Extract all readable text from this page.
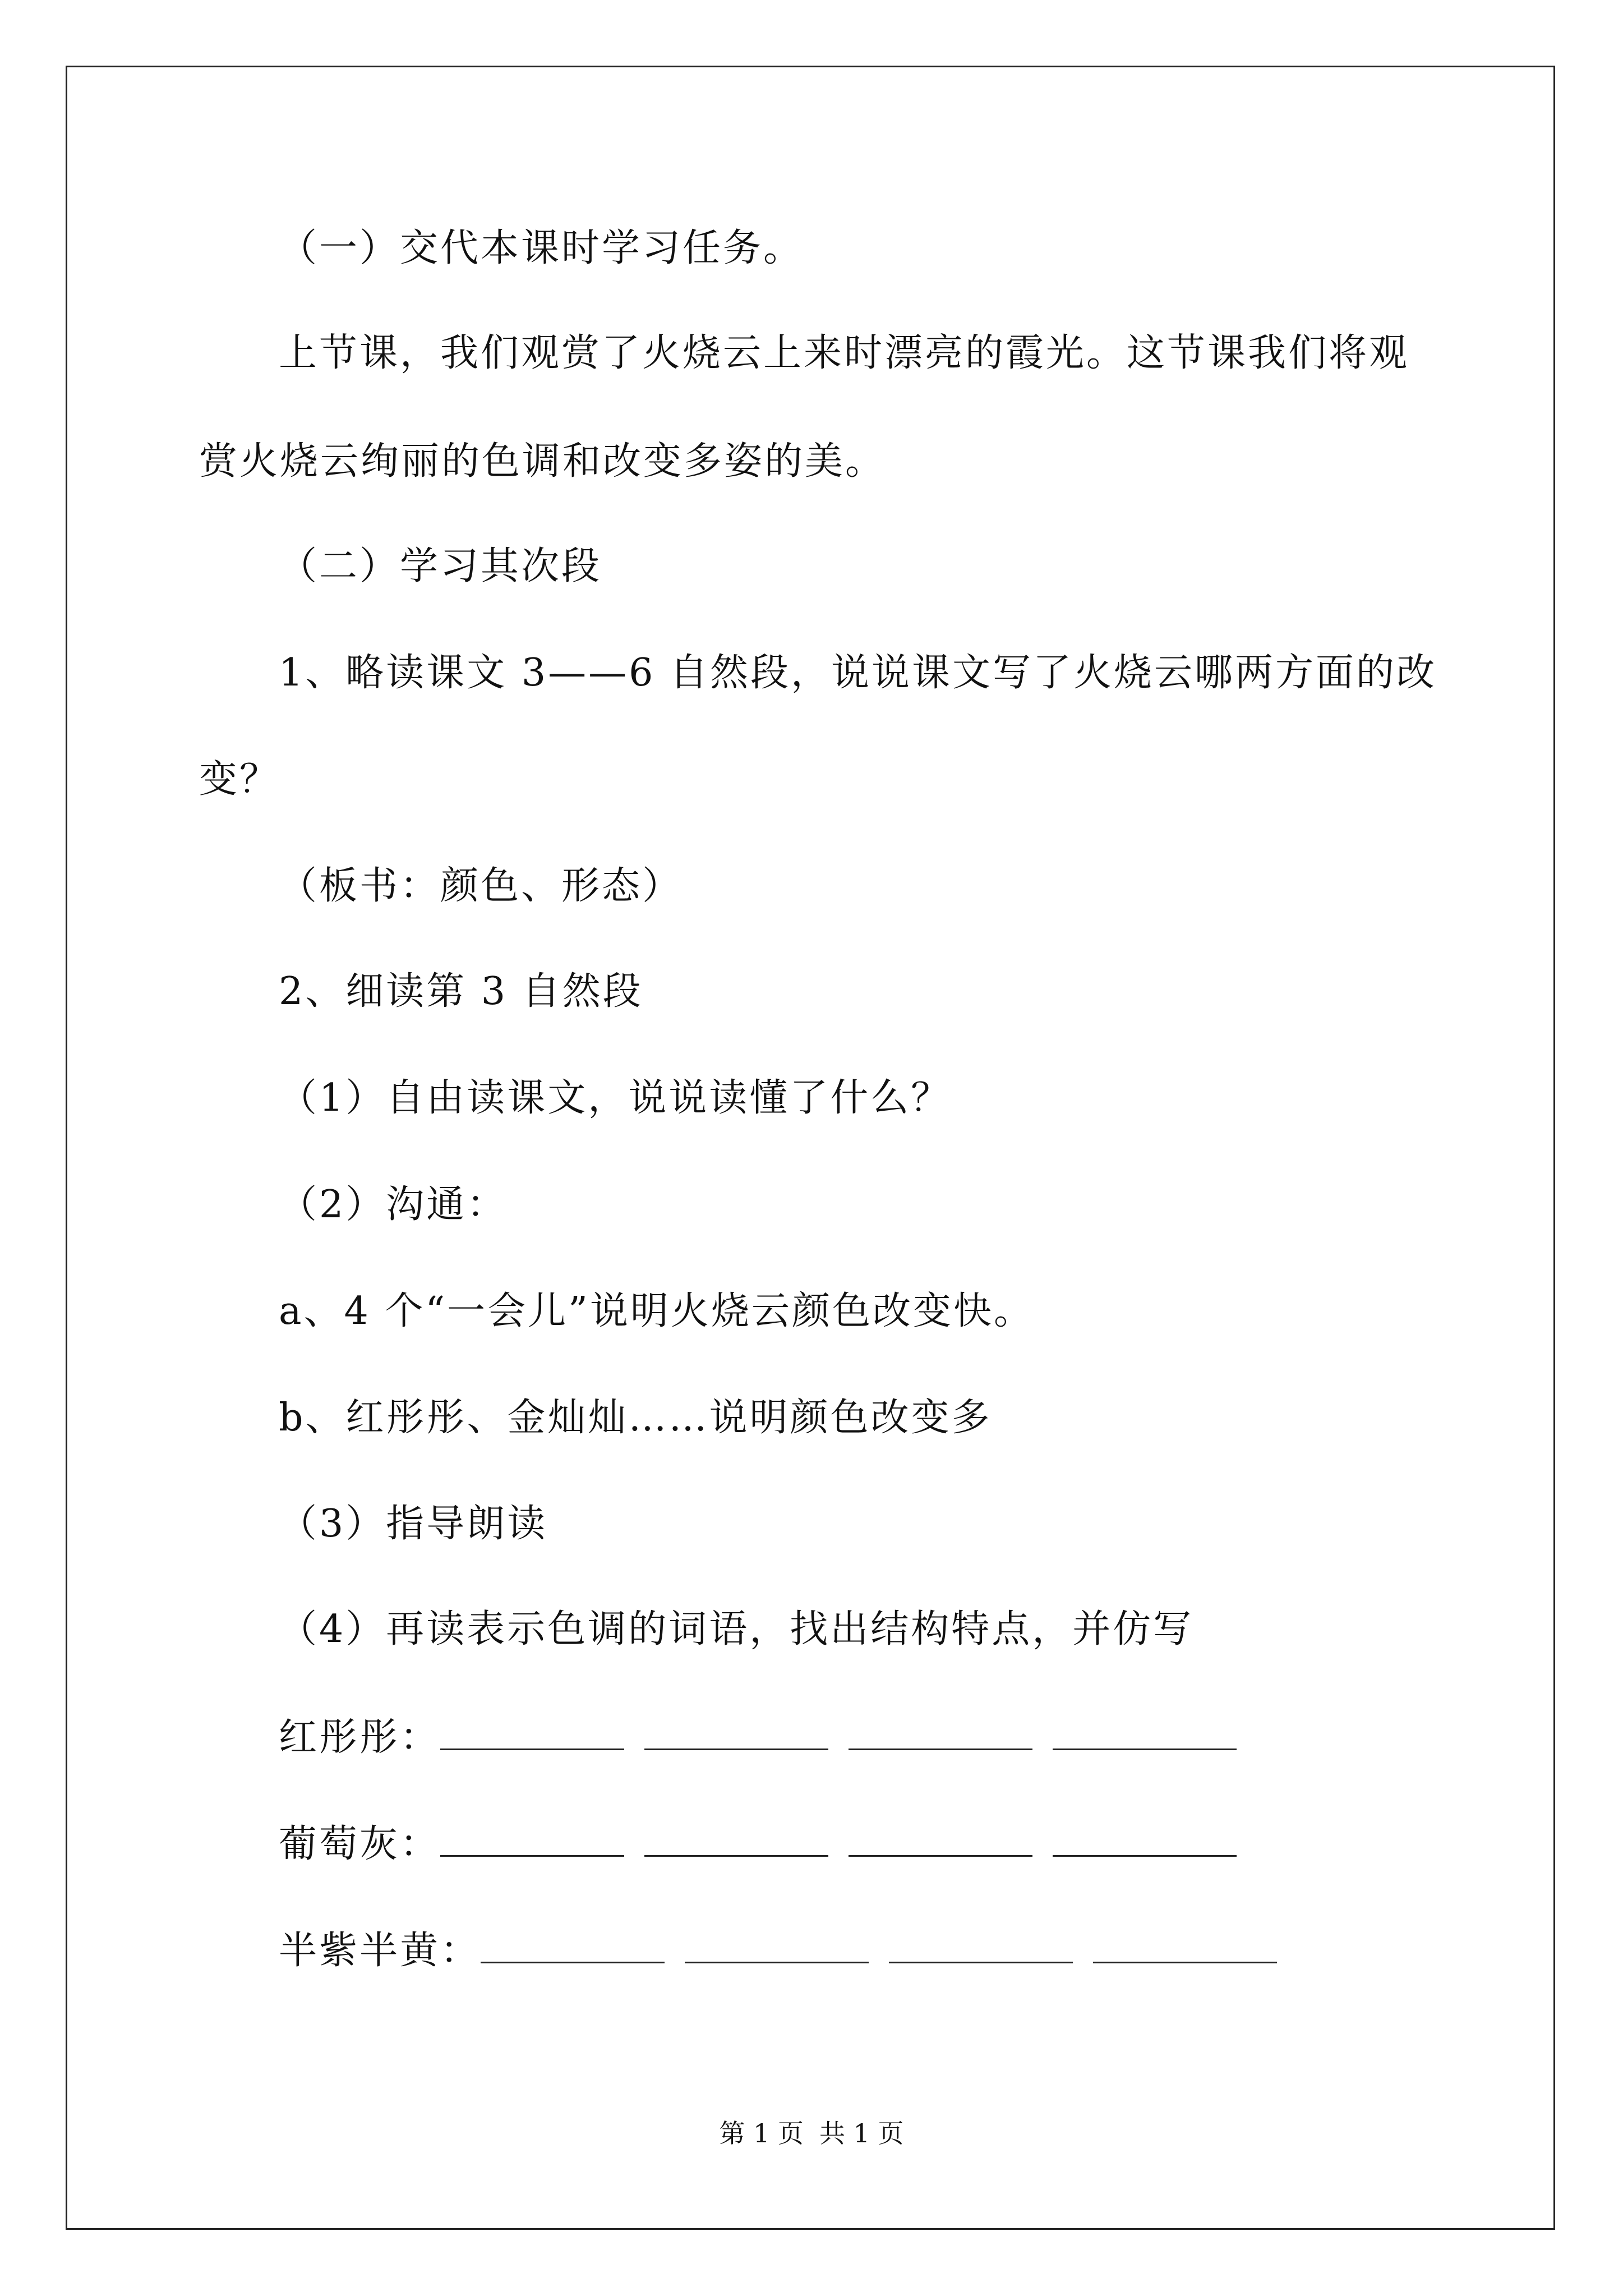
（一）交代本课时学习任务。
上节课，我们观赏了火烧云上来时漂亮的霞光。这节课我们将观
赏火烧云绚丽的色调和改变多姿的美。
（二）学习其次段
1、略读课文 3——6 自然段，说说课文写了火烧云哪两方面的改
变？
（板书：颜色、形态）
2、细读第 3 自然段
（1）自由读课文，说说读懂了什么？
（2）沟通：
a、4 个“一会儿”说明火烧云颜色改变快。
b、红彤彤、金灿灿……说明颜色改变多
（3）指导朗读
（4）再读表示色调的词语，找出结构特点，并仿写
红彤彤：
葡萄灰：
半紫半黄：
第 1 页 共 1 页
